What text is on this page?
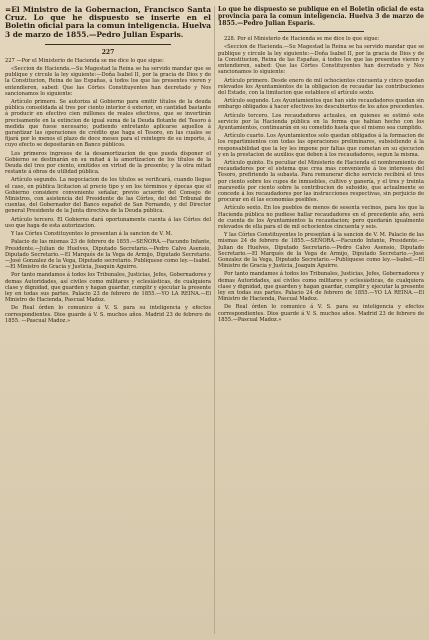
=El Ministro de la Gobernacion, Francisco Santa Cruz. Lo que he dispuesto se inserte en el Boletin oficial para la comun inteligencia. Huelva 3 de marzo de 1855.—Pedro Julian Esparis.
227

227 —Por el Ministerio de Hacienda se me dice lo que sigue:

«Seccion de Hacienda.—Su Magestad la Reina se ha servido mandar que se publique y circule la ley siguiente:—Doña Isabel II, por la gracia de Dios y de la Constitucion, Reina de las Españas, á todos los que las presentes vieren y entendieren, sabed: Que las Córtes Constituyentes han decretado y Nos sancionamos lo siguiente:

Artículo primero. Se autoriza al Gobierno para emitir títulos de la deuda pública consolidada al tres por ciento interior ó exterior, en cantidad bastante á producir en efectivo cien millones de reales efectivos, que se invertirán precisamente en la extincion de igual suma de la Deuda flotante del Tesoro á medida que fuese necesario; pudiendo entretanto aplicarse aquellos á garantizar las operaciones de crédito que haga el Tesoro, en las cuales se fijará por lo menos el plazo de doce meses para el reintegro de su importe, á cuyo efecto se depositarán en Banco públicos.

Los primeros ingresos de la desamortizacion de que pueda disponer el Gobierno se destinarán en su mitad á la amortizacion de los títulos de la Deuda del tres por ciento, emitidos en virtud de la presente; y la otra mitad restante á obras de utilidad pública.

Artículo segundo. La negociacion de los títulos se verificará, cuando llegue el caso, en pública licitacion al precio tipo y en los términos y épocas que el Gobierno considere conveniente señalar, previo acuerdo del Consejo de Ministros, con asistencia del Presidente de las Córtes, del del Tribunal de cuentas, del Gobernador del Banco español de San Fernando, y del Director general Presidente de la Junta directiva de la Deuda pública.

Artículo tercero. El Gobierno dará oportunamente cuenta á las Córtes del uso que haga de esta autorizacion.

Y las Córtes Constituyentes lo presentan á la sancion de V. M.

Palacio de las mismas 23 de febrero de 1855.—SEÑORA.—Facundo Infante, Presidente.—Julian de Huelves, Diputado Secretario.—Pedro Calvo Asensio, Diputado Secretario.—El Marqués de la Vega de Armijo, Diputado Secretario.—José Gonzalez de la Vega, Diputado secretario. Publíquese como ley.—Isabel.—El Ministro de Gracia y Justicia, Joaquin Aguirre.

Por tanto mandamos á todos los Tribunales, Justicias, Jefes, Gobernadores y demas Autoridades, así civiles como militares y eclesiásticas, de cualquiera clase y dignidad, que guarden y hagan guardar, cumplir y ejecutar la presente ley en todas sus partes. Palacio 23 de febrero de 1855.—YO LA REINA.—El Ministro de Hacienda, Pascual Madoz.

De Real órden lo comunico á V. S. para su inteligencia y efectos correspondientes. Dios guarde á V. S. muchos años. Madrid 23 de febrero de 1855. —Pascual Madoz.»

Lo que he dispuesto se publique en el Boletin oficial de esta provincia para la comun inteligencia. Huelva 3 de marzo de 1855.—Pedro Julian Esparis.

228. Por el Ministerio de Hacienda se me dice lo que sigue:

«Seccion de Hacienda.—Su Magestad la Reina se ha servido mandar que se publique y circule la ley siguiente:—Doña Isabel II, por la gracia de Dios y de la Constitucion, Reina de las Españas, á todos los que las presentes vieren y entendieren, sabed: Que las Córtes Constituyentes han decretado y Nos sancionamos lo siguiente:

Artículo primero. Desde enero de mil ochocientos cincuenta y cinco quedan relevados los Ayuntamientos de la obligacion de recaudar las contribuciones del Estado, con la limitacion que establece el artículo sexto.

Artículo segundo. Los Ayuntamientos que han sido recaudadores quedan sin embargo obligados á hacer efectivos los descubiertos de los años precedentes.

Artículo tercero. Los recaudadores actuales, en quienes se estimó este servicio por la Hacienda pública en la forma que habian hecho con los Ayuntamientos, continuarán en su cometido hasta que el mismo sea cumplido.

Artículo cuarto. Los Ayuntamientos solo quedan obligados á la formacion de los repartimientos con todas las operaciones preliminares, subsistiendo á la responsabilidad que la ley les impone por faltas que cometan en su ejecucion y en la prestacion de auxilios que deben á los recaudadores, segun la misma.

Artículo quinto. Es peculiar del Ministerio de Hacienda el nombramiento de recaudadores por el sistema que crea mas conveniente á los intereses del Tesoro, prefiriendo la subasta. Para remunerar dicho servicio recibirá el tres por ciento sobre los cupos de inmuebles, cultivo y ganería, y el tres y treinta maravedís por ciento sobre la contribucion de subsidio, que actualmente se concede á los recaudadores por las instrucciones respectivas, sin perjuicio de procurar en él las economías posibles.

Artículo sexto. En los pueblos de menos de sesenta vecinos, para los que la Hacienda pública no pudiese hallar recaudadores en el precedente año, será de cuenta de los Ayuntamientos la recaudacion; pero quedarán igualmente relevados de ella para el de mil ochocientos cincuenta y seis.

Y las Córtes Constituyentes lo presentan á la sancion de V. M. Palacio de las mismas 24 de febrero de 1855.—SEÑORA.—Facundo Infante, Presidente.—Julian de Huelves, Diputado Secretario.—Pedro Calvo Asensio, Diputado Secretario.—El Marqués de la Vega de Armijo, Diputado Secretario.—José Gonzalez de la Vega, Diputado Secretario.—Publíquese como ley.—Isabel.—El Ministro de Gracia y Justicia, Joaquin Aguirre.

Por tanto mandamos á todos los Tribunales, Justicias, Jefes, Gobernadores y demas Autoridades, así civiles como militares y eclesiásticas, de cualquiera clase y dignidad, que guarden y hagan guardar, cumplir y ejecutar la presente ley en todas sus partes. Palacio 24 de febrero de 1855.—YO LA REINA.—El Ministro de Hacienda, Pascual Madoz.

De Real órden lo comunico á V. S. para su inteligencia y efectos correspondientes. Dios guarde á V. S. muchos años. Madrid 23 de febrero de 1855.—Pascual Madoz.»
